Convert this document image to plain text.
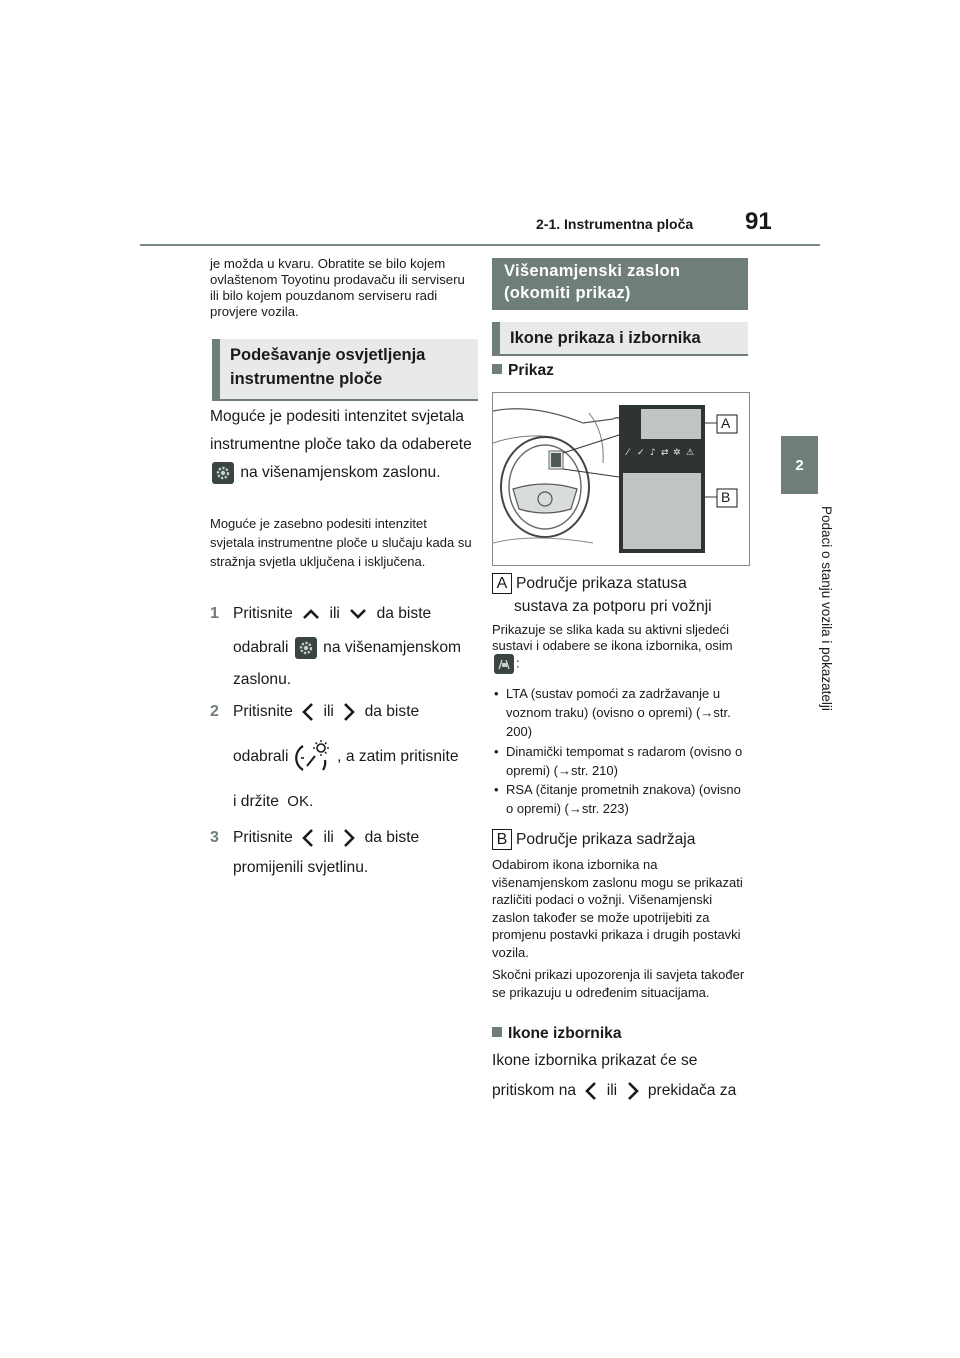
2-1. Instrumentna ploča 91
2
Podaci o stanju vozila i pokazatelji
je možda u kvaru. Obratite se bilo kojem ovlaštenom Toyotinu prodavaču ili serviseru ili bilo kojem pouzdanom serviseru radi provjere vozila.
Podešavanje osvjetljenja
instrumentne ploče
Moguće je podesiti intenzitet svjetala instrumentne ploče tako da odaberete
na višenamjenskom zaslonu.
Moguće je zasebno podesiti intenzitet svjetala instrumentne ploče u slučaju kada su stražnja svjetla uključena i isključena.
1 Pritisnite ili da biste
odabrali na višenamjenskom
zaslonu.
2 Pritisnite ili da biste
odabrali	, a zatim pritisnite
i držite OK.
3 Pritisnite ili da biste
promijenili svjetlinu.
Višenamjenski zaslon
(okomiti prikaz)
Ikone prikaza i izbornika
Prikaz
⁄ ✓ ♪ ⇄ ✲ ⚠
A
B
A Područje prikaza statusa
sustava za potporu pri vožnji
Prikazuje se slika kada su aktivni sljedeći sustavi i odabere se ikona izbornika, osim
:
• LTA (sustav pomoći za zadržavanje u voznom traku) (ovisno o opremi) (→str. 200)
• Dinamički tempomat s radarom (ovisno o opremi) (→str. 210)
• RSA (čitanje prometnih znakova) (ovisno o opremi) (→str. 223)
B Područje prikaza sadržaja
Odabirom ikona izbornika na višenamjenskom zaslonu mogu se prikazati različiti podaci o vožnji. Višenamjenski zaslon također se može upotrijebiti za promjenu postavki prikaza i drugih postavki vozila.
Skočni prikazi upozorenja ili savjeta također se prikazuju u određenim situacijama.
Ikone izbornika
Ikone izbornika prikazat će se pritiskom na ili prekidača za
